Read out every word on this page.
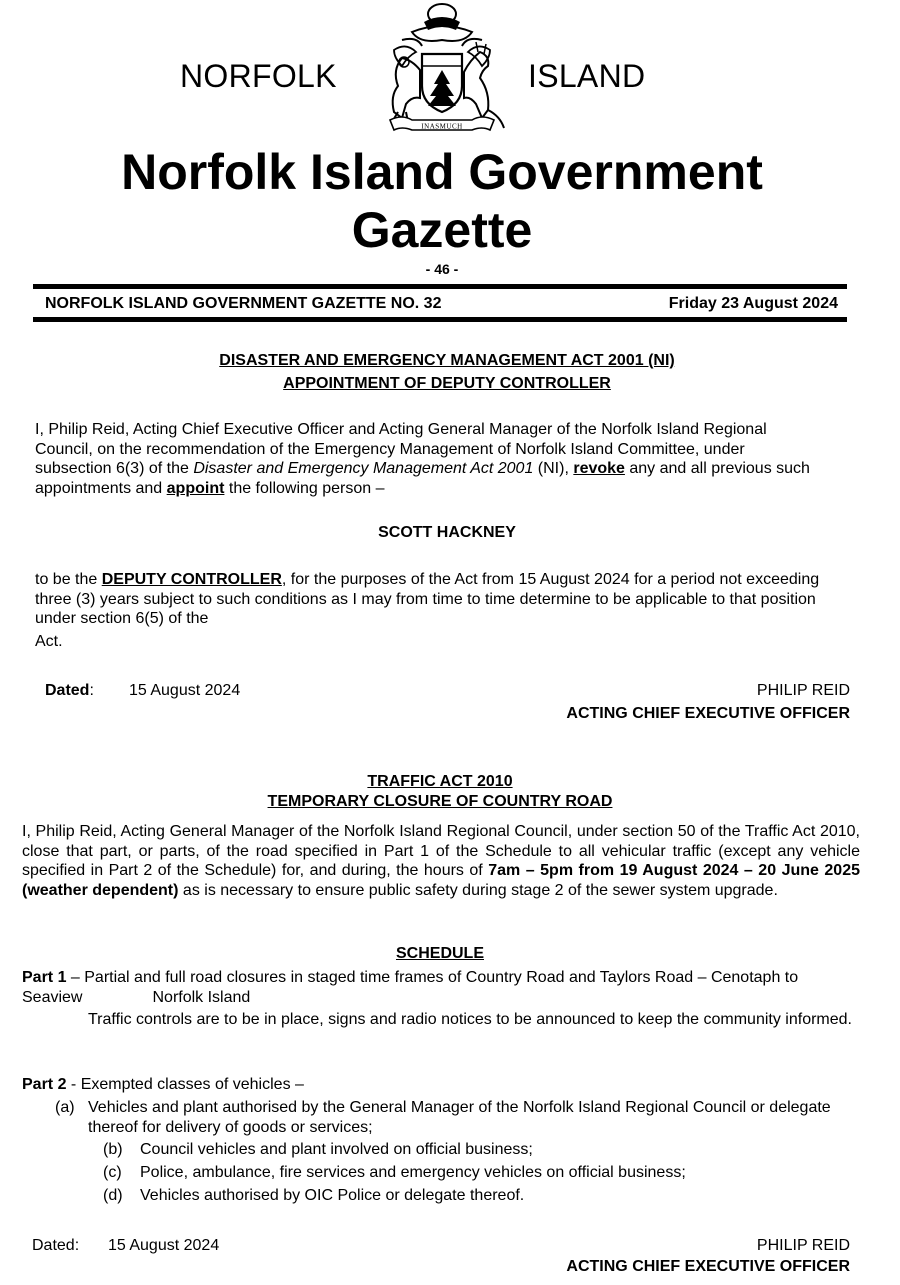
NORFOLK	ISLAND
INASMUCH
Norfolk Island Government
Gazette
- 46 -
NORFOLK ISLAND GOVERNMENT GAZETTE NO. 32	Friday 23 August 2024
DISASTER AND EMERGENCY MANAGEMENT ACT 2001 (NI)
APPOINTMENT OF DEPUTY CONTROLLER
I, Philip Reid, Acting Chief Executive Officer and Acting General Manager of the Norfolk Island Regional
Council, on the recommendation of the Emergency Management of Norfolk Island Committee, under
subsection 6(3) of the Disaster and Emergency Management Act 2001 (NI), revoke any and all previous such
appointments and appoint the following person –
SCOTT HACKNEY
to be the DEPUTY CONTROLLER, for the purposes of the Act from 15 August 2024 for a period not exceeding
three (3) years subject to such conditions as I may from time to time determine to be applicable to that position
under section 6(5) of the
Act.
Dated: 15 August 2024	PHILIP REID
ACTING CHIEF EXECUTIVE OFFICER
TRAFFIC ACT 2010
TEMPORARY CLOSURE OF COUNTRY ROAD
I, Philip Reid, Acting General Manager of the Norfolk Island Regional Council, under section 50 of the Traffic Act 2010, close that part, or parts, of the road specified in Part 1 of the Schedule to all vehicular traffic (except any vehicle specified in Part 2 of the Schedule) for, and during, the hours of 7am – 5pm from 19 August 2024 – 20 June 2025 (weather dependent) as is necessary to ensure public safety during stage 2 of the sewer system upgrade.
SCHEDULE
Part 1 – Partial and full road closures in staged time frames of Country Road and Taylors Road – Cenotaph to
Seaview	Norfolk Island
Traffic controls are to be in place, signs and radio notices to be announced to keep the community informed.
Part 2 - Exempted classes of vehicles –
(a) Vehicles and plant authorised by the General Manager of the Norfolk Island Regional Council or delegate thereof for delivery of goods or services;
(b) Council vehicles and plant involved on official business;
(c) Police, ambulance, fire services and emergency vehicles on official business;
(d) Vehicles authorised by OIC Police or delegate thereof.
Dated: 15 August 2024	PHILIP REID
ACTING CHIEF EXECUTIVE OFFICER
